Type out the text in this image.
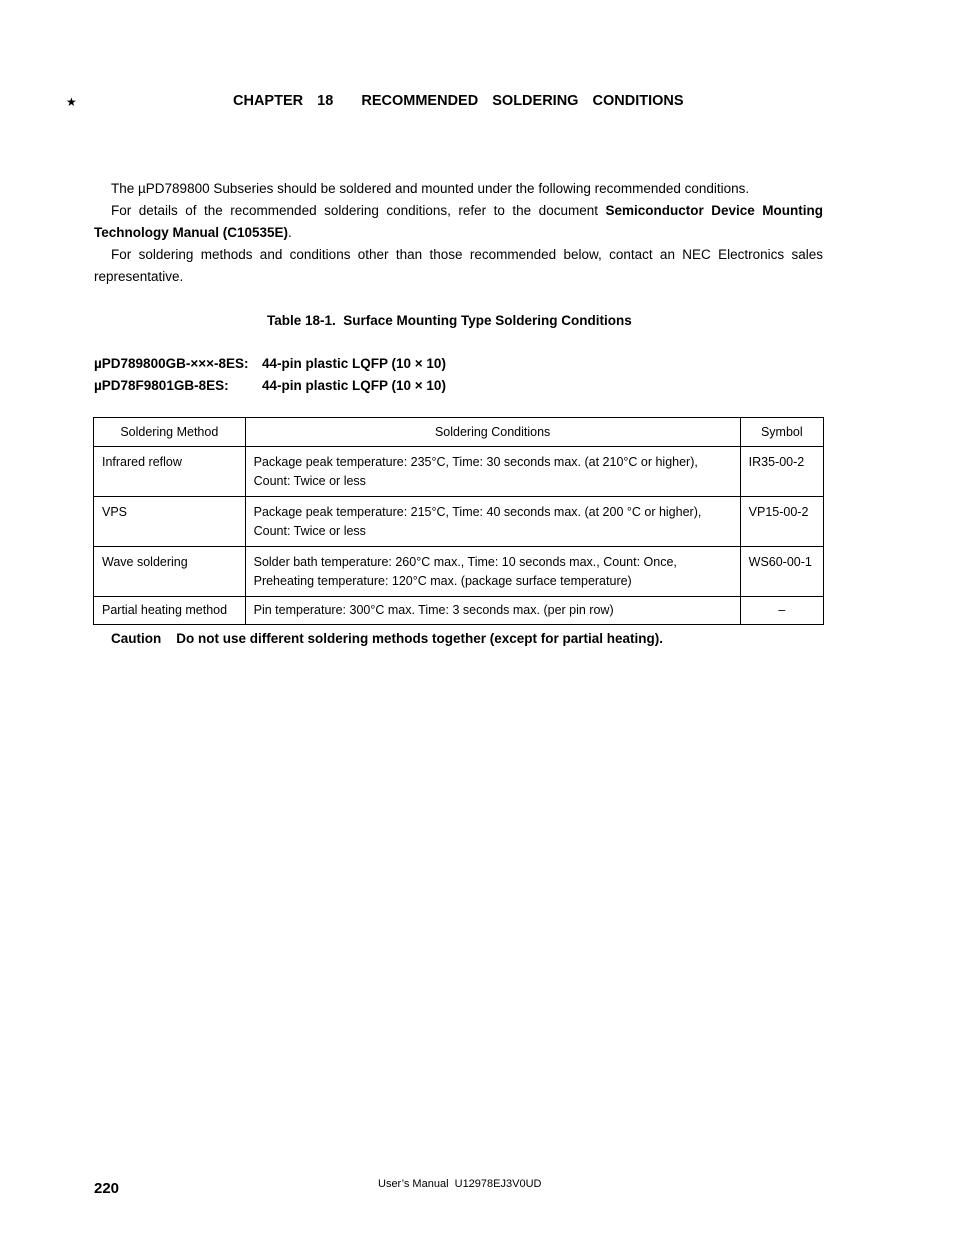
★	CHAPTER  18    RECOMMENDED  SOLDERING  CONDITIONS

The µPD789800 Subseries should be soldered and mounted under the following recommended conditions.

For details of the recommended soldering conditions, refer to the document Semiconductor Device Mounting Technology Manual (C10535E).

For soldering methods and conditions other than those recommended below, contact an NEC Electronics sales representative.

Table 18-1.  Surface Mounting Type Soldering Conditions
µPD789800GB-×××-8ES: 44-pin plastic LQFP (10 × 10)
µPD78F9801GB-8ES: 44-pin plastic LQFP (10 × 10)
Soldering Method	Soldering Conditions	Symbol
Infrared reflow	Package peak temperature: 235°C, Time: 30 seconds max. (at 210°C or higher),
Count: Twice or less	IR35-00-2
VPS	Package peak temperature: 215°C, Time: 40 seconds max. (at 200 °C or higher),
Count: Twice or less	VP15-00-2
Wave soldering	Solder bath temperature: 260°C max., Time: 10 seconds max., Count: Once,
Preheating temperature: 120°C max. (package surface temperature)	WS60-00-1
Partial heating method	Pin temperature: 300°C max. Time: 3 seconds max. (per pin row)	–
Caution    Do not use different soldering methods together (except for partial heating).
220	User’s Manual  U12978EJ3V0UD
